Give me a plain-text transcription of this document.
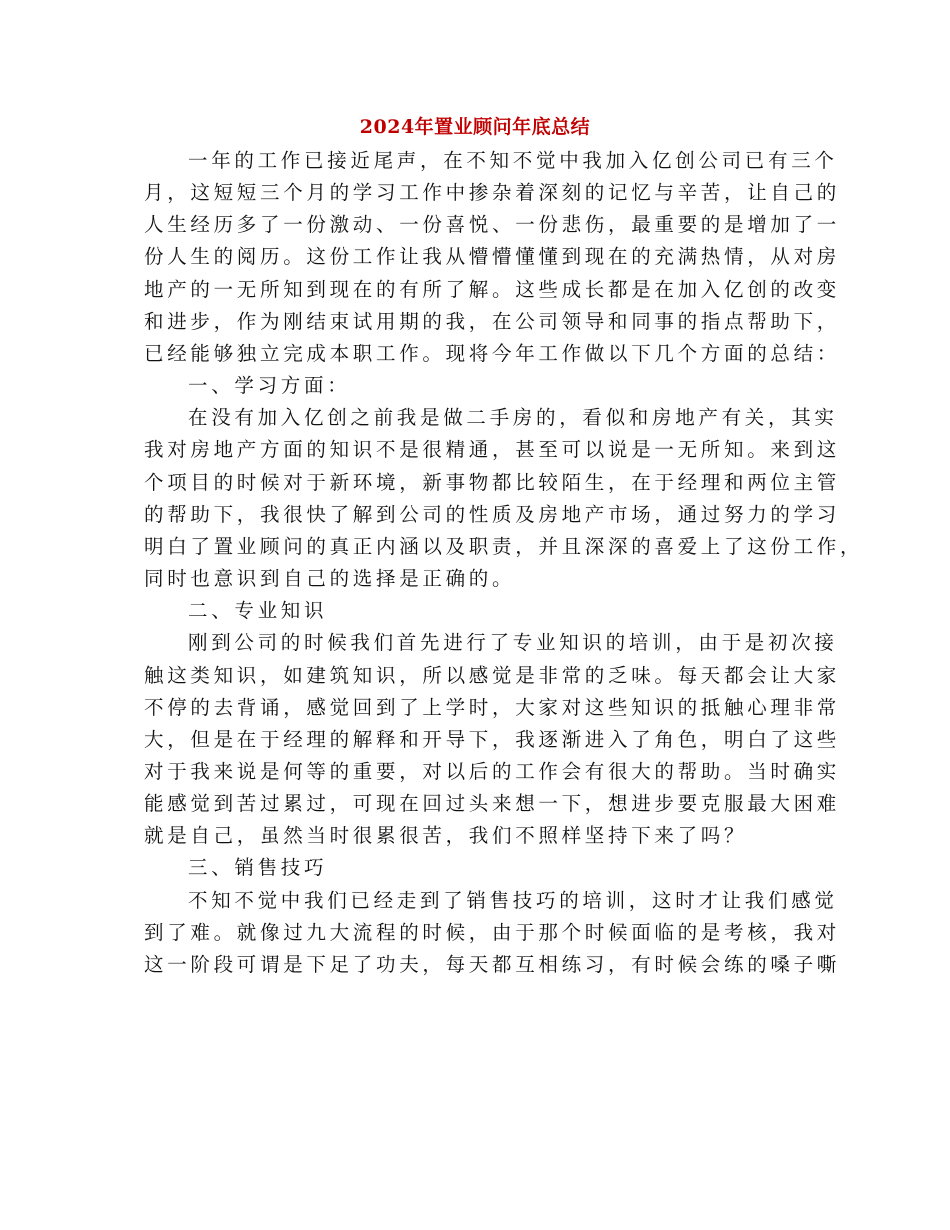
2024年置业顾问年底总结
一年的工作已接近尾声，在不知不觉中我加入亿创公司已有三个
月，这短短三个月的学习工作中掺杂着深刻的记忆与辛苦，让自己的
人生经历多了一份激动、一份喜悦、一份悲伤，最重要的是增加了一
份人生的阅历。这份工作让我从懵懵懂懂到现在的充满热情，从对房
地产的一无所知到现在的有所了解。这些成长都是在加入亿创的改变
和进步，作为刚结束试用期的我，在公司领导和同事的指点帮助下，
已经能够独立完成本职工作。现将今年工作做以下几个方面的总结：
一、学习方面：
在没有加入亿创之前我是做二手房的，看似和房地产有关，其实
我对房地产方面的知识不是很精通，甚至可以说是一无所知。来到这
个项目的时候对于新环境，新事物都比较陌生，在于经理和两位主管
的帮助下，我很快了解到公司的性质及房地产市场，通过努力的学习
明白了置业顾问的真正内涵以及职责，并且深深的喜爱上了这份工作，
同时也意识到自己的选择是正确的。
二、专业知识
刚到公司的时候我们首先进行了专业知识的培训，由于是初次接
触这类知识，如建筑知识，所以感觉是非常的乏味。每天都会让大家
不停的去背诵，感觉回到了上学时，大家对这些知识的抵触心理非常
大，但是在于经理的解释和开导下，我逐渐进入了角色，明白了这些
对于我来说是何等的重要，对以后的工作会有很大的帮助。当时确实
能感觉到苦过累过，可现在回过头来想一下，想进步要克服最大困难
就是自己，虽然当时很累很苦，我们不照样坚持下来了吗？
三、销售技巧
不知不觉中我们已经走到了销售技巧的培训，这时才让我们感觉
到了难。就像过九大流程的时候，由于那个时候面临的是考核，我对
这一阶段可谓是下足了功夫，每天都互相练习，有时候会练的嗓子嘶
